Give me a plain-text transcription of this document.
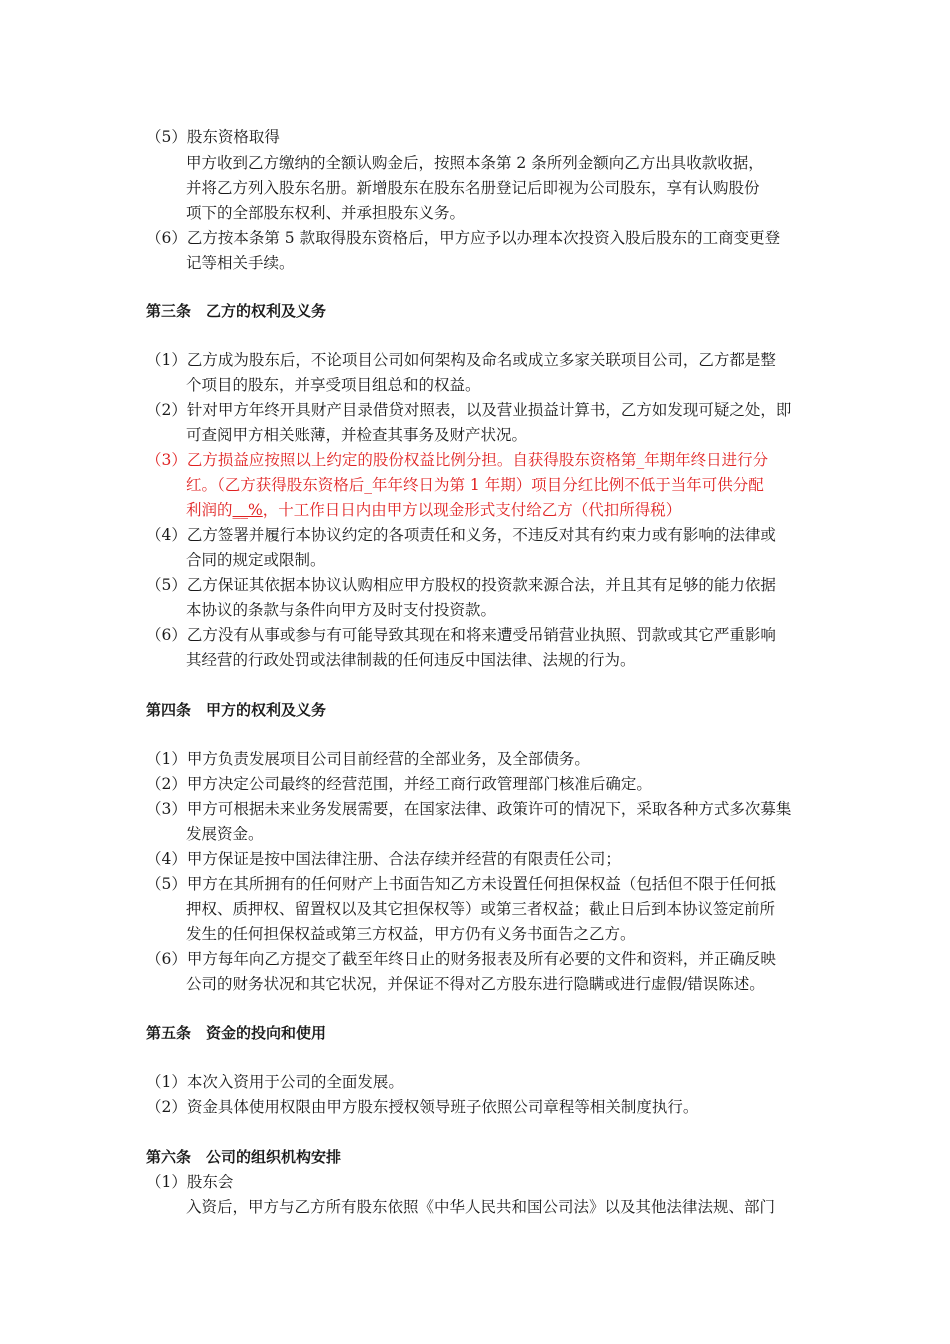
（5）股东资格取得
甲方收到乙方缴纳的全额认购金后，按照本条第 2 条所列金额向乙方出具收款收据，
并将乙方列入股东名册。新增股东在股东名册登记后即视为公司股东，享有认购股份
项下的全部股东权利、并承担股东义务。
（6）乙方按本条第 5 款取得股东资格后，甲方应予以办理本次投资入股后股东的工商变更登
记等相关手续。
第三条　乙方的权利及义务
（1）乙方成为股东后，不论项目公司如何架构及命名或成立多家关联项目公司，乙方都是整
个项目的股东，并享受项目组总和的权益。
（2）针对甲方年终开具财产目录借贷对照表，以及营业损益计算书，乙方如发现可疑之处，即
可查阅甲方相关账薄，并检查其事务及财产状况。
（3）乙方损益应按照以上约定的股份权益比例分担。自获得股东资格第_年期年终日进行分
红。（乙方获得股东资格后_年年终日为第 1 年期）项目分红比例不低于当年可供分配
利润的__%，十工作日日内由甲方以现金形式支付给乙方（代扣所得税）
（4）乙方签署并履行本协议约定的各项责任和义务，不违反对其有约束力或有影响的法律或
合同的规定或限制。
（5）乙方保证其依据本协议认购相应甲方股权的投资款来源合法，并且其有足够的能力依据
本协议的条款与条件向甲方及时支付投资款。
（6）乙方没有从事或参与有可能导致其现在和将来遭受吊销营业执照、罚款或其它严重影响
其经营的行政处罚或法律制裁的任何违反中国法律、法规的行为。
第四条　甲方的权利及义务
（1）甲方负责发展项目公司目前经营的全部业务，及全部债务。
（2）甲方决定公司最终的经营范围，并经工商行政管理部门核准后确定。
（3）甲方可根据未来业务发展需要，在国家法律、政策许可的情况下，采取各种方式多次募集
发展资金。
（4）甲方保证是按中国法律注册、合法存续并经营的有限责任公司；
（5）甲方在其所拥有的任何财产上书面告知乙方未设置任何担保权益（包括但不限于任何抵
押权、质押权、留置权以及其它担保权等）或第三者权益；截止日后到本协议签定前所
发生的任何担保权益或第三方权益，甲方仍有义务书面告之乙方。
（6）甲方每年向乙方提交了截至年终日止的财务报表及所有必要的文件和资料，并正确反映
公司的财务状况和其它状况，并保证不得对乙方股东进行隐瞒或进行虚假/错误陈述。
第五条　资金的投向和使用
（1）本次入资用于公司的全面发展。
（2）资金具体使用权限由甲方股东授权领导班子依照公司章程等相关制度执行。
第六条　公司的组织机构安排
（1）股东会
入资后，甲方与乙方所有股东依照《中华人民共和国公司法》以及其他法律法规、部门
